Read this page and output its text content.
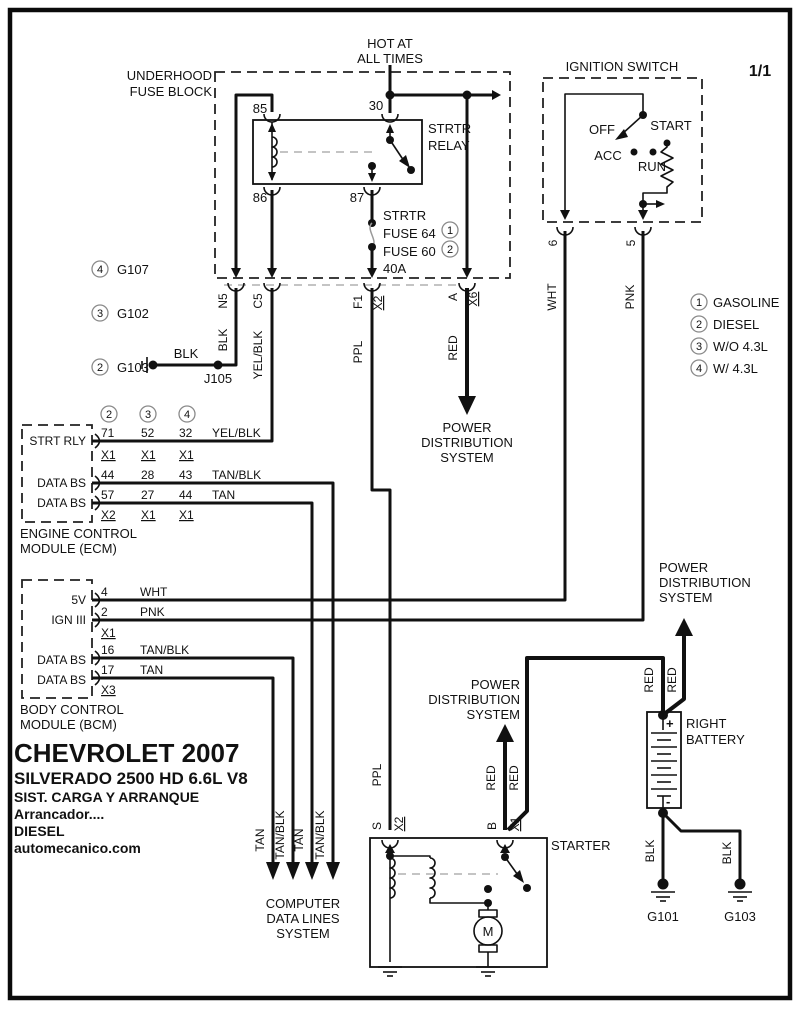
UNDERHOOD
FUSE BLOCK
HOT AT
ALL TIMES
STRTR
RELAY
85	30
86	87
STRTR
FUSE 64
FUSE 60
40A
1
2
N5 C5	F1 X2	A X6
IGNITION SWITCH
OFF
ACC
RUN
START
6	5
1/1
BLK YEL/BLK	PPL	RED
WHT	PNK	1 GASOLINE
2 DIESEL
3 W/O 4.3L
4 W/ 4.3L
4 G107
3 G102
2 G103
BLK
J105
2	3	4
STRT RLY
DATA BS
DATA BS
71 52 32 YEL/BLK
X1 X1 X1
44 28 43 TAN/BLK
57 27 44 TAN
X2 X1 X1
ENGINE CONTROL
MODULE (ECM)
5V
IGN III
DATA BS
DATA BS
4	WHT
2	PNK
X1
16 TAN/BLK
17 TAN
X3
BODY CONTROL
MODULE (BCM)
TAN TAN/BLK TAN TAN/BLK
COMPUTER
DATA LINES
SYSTEM
PPL
POWER
DISTRIBUTION
SYSTEM
STARTER
S X2	B X1
M
POWER
DISTRIBUTION
SYSTEM
RED RED
POWER
DISTRIBUTION
SYSTEM
RED RED
+
-
RIGHT
BATTERY
BLK	BLK
G101	G103
CHEVROLET 2007
SILVERADO 2500 HD 6.6L V8
SIST. CARGA Y ARRANQUE
Arrancador....
DIESEL
automecanico.com
